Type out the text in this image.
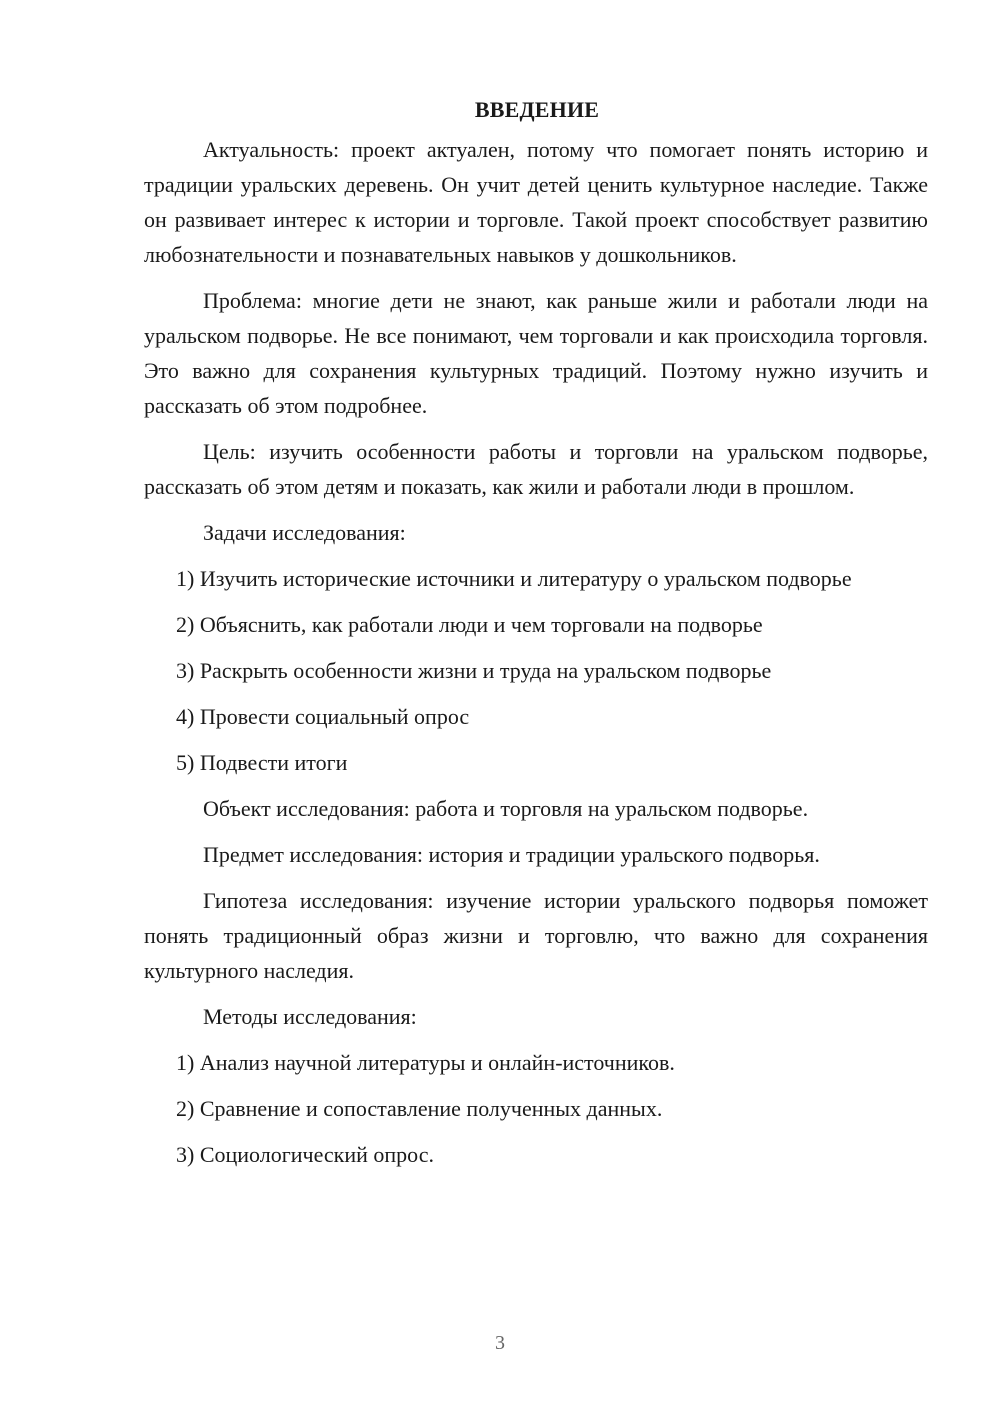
ВВЕДЕНИЕ

Актуальность: проект актуален, потому что помогает понять историю и традиции уральских деревень. Он учит детей ценить культурное наследие. Также он развивает интерес к истории и торговле. Такой проект способствует развитию любознательности и познавательных навыков у дошкольников.

Проблема: многие дети не знают, как раньше жили и работали люди на уральском подворье. Не все понимают, чем торговали и как происходила торговля. Это важно для сохранения культурных традиций. Поэтому нужно изучить и рассказать об этом подробнее.

Цель: изучить особенности работы и торговли на уральском подворье, рассказать об этом детям и показать, как жили и работали люди в прошлом.

Задачи исследования:

1) Изучить исторические источники и литературу о уральском подворье

2) Объяснить, как работали люди и чем торговали на подворье
3) Раскрыть особенности жизни и труда на уральском подворье
4) Провести социальный опрос
5) Подвести итоги
Объект исследования: работа и торговля на уральском подворье.
Предмет исследования: история и традиции уральского подворья.

Гипотеза исследования: изучение истории уральского подворья поможет понять традиционный образ жизни и торговлю, что важно для сохранения культурного наследия.

Методы исследования:
1) Анализ научной литературы и онлайн-источников.
2) Сравнение и сопоставление полученных данных.
3) Социологический опрос.
3
